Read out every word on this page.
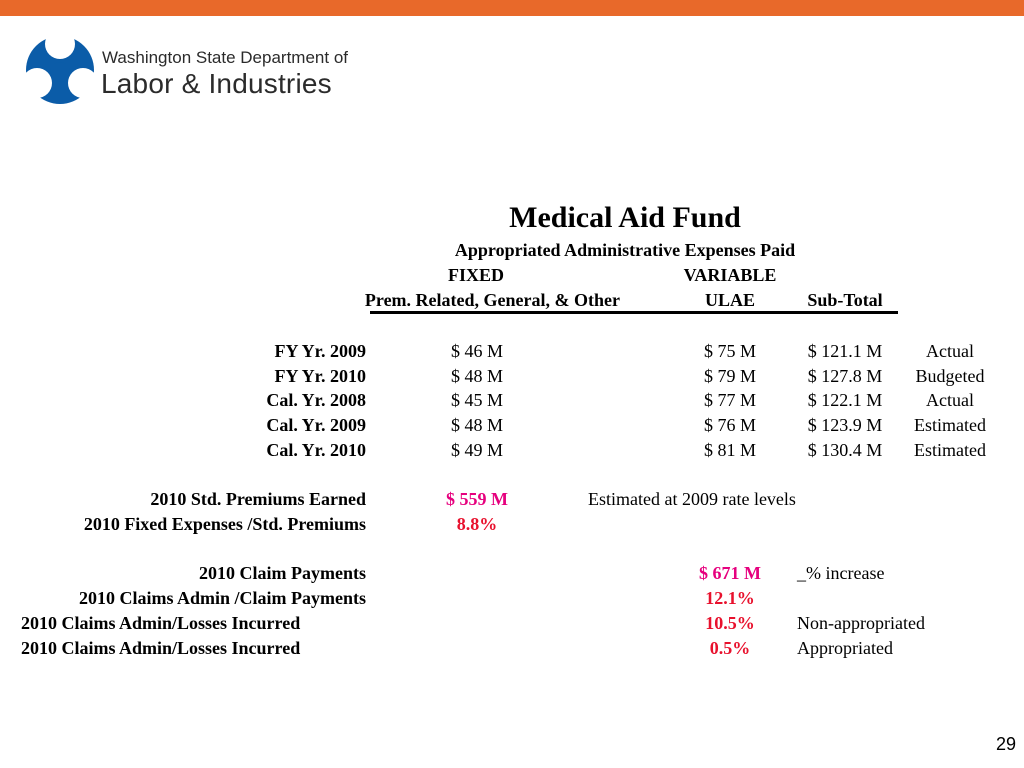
Washington State Department of
Labor & Industries
Medical Aid Fund
Appropriated Administrative Expenses Paid
FIXED	VARIABLE
Prem. Related, General, & Other	ULAE	Sub-Total
FY Yr. 2009	$ 46 M	$ 75 M	$ 121.1 M	Actual
FY Yr. 2010	$ 48 M	$ 79 M	$ 127.8 M	Budgeted
Cal. Yr. 2008	$ 45 M	$ 77 M	$ 122.1 M	Actual
Cal. Yr. 2009	$ 48 M	$ 76 M	$ 123.9 M	Estimated
Cal. Yr. 2010	$ 49 M	$ 81 M	$ 130.4 M	Estimated
2010 Std. Premiums Earned	$ 559 M	Estimated at 2009 rate levels
2010 Fixed Expenses /Std. Premiums	8.8%
2010 Claim Payments	$ 671 M	_% increase
2010 Claims Admin /Claim Payments	12.1%
2010 Claims Admin/Losses Incurred	10.5%	Non-appropriated
2010 Claims Admin/Losses Incurred	0.5%	Appropriated
29
